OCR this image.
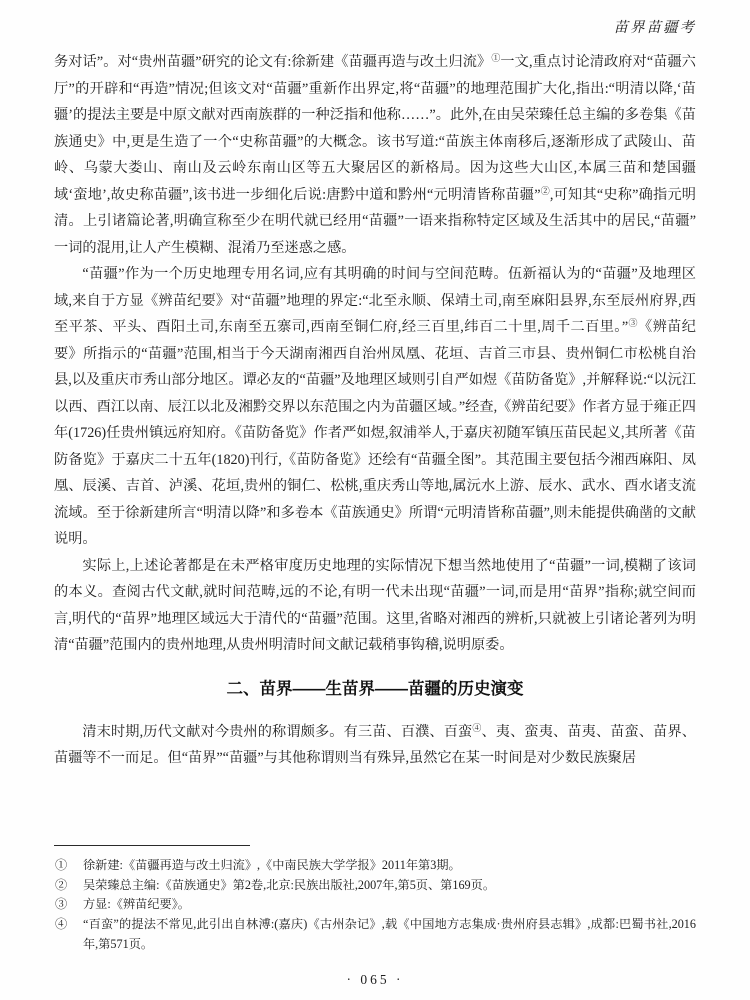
苗界苗疆考

务对话”。对“贵州苗疆”研究的论文有:徐新建《苗疆再造与改土归流》①一文,重点讨论清政府对“苗疆六厅”的开辟和“再造”情况;但该文对“苗疆”重新作出界定,将“苗疆”的地理范围扩大化,指出:“明清以降,‘苗疆’的提法主要是中原文献对西南族群的一种泛指和他称……”。此外,在由吴荣臻任总主编的多卷集《苗族通史》中,更是生造了一个“史称苗疆”的大概念。该书写道:“苗族主体南移后,逐渐形成了武陵山、苗岭、乌蒙大娄山、南山及云岭东南山区等五大聚居区的新格局。因为这些大山区,本属三苗和楚国疆域‘蛮地’,故史称苗疆”,该书进一步细化后说:唐黔中道和黔州“元明清皆称苗疆”②,可知其“史称”确指元明清。上引诸篇论著,明确宣称至少在明代就已经用“苗疆”一语来指称特定区域及生活其中的居民,“苗疆”一词的混用,让人产生模糊、混淆乃至迷惑之感。

“苗疆”作为一个历史地理专用名词,应有其明确的时间与空间范畴。伍新福认为的“苗疆”及地理区域,来自于方显《辨苗纪要》对“苗疆”地理的界定:“北至永顺、保靖土司,南至麻阳县界,东至辰州府界,西至平茶、平头、酉阳土司,东南至五寨司,西南至铜仁府,经三百里,纬百二十里,周千二百里。”③《辨苗纪要》所指示的“苗疆”范围,相当于今天湖南湘西自治州凤凰、花垣、吉首三市县、贵州铜仁市松桃自治县,以及重庆市秀山部分地区。谭必友的“苗疆”及地理区域则引自严如煜《苗防备览》,并解释说:“以沅江以西、酉江以南、辰江以北及湘黔交界以东范围之内为苗疆区域。”经查,《辨苗纪要》作者方显于雍正四年(1726)任贵州镇远府知府。《苗防备览》作者严如煜,叙浦举人,于嘉庆初随军镇压苗民起义,其所著《苗防备览》于嘉庆二十五年(1820)刊行,《苗防备览》还绘有“苗疆全图”。其范围主要包括今湘西麻阳、凤凰、辰溪、吉首、泸溪、花垣,贵州的铜仁、松桃,重庆秀山等地,属沅水上游、辰水、武水、酉水诸支流流域。至于徐新建所言“明清以降”和多卷本《苗族通史》所谓“元明清皆称苗疆”,则未能提供确凿的文献说明。

实际上,上述论著都是在未严格审度历史地理的实际情况下想当然地使用了“苗疆”一词,模糊了该词的本义。查阅古代文献,就时间范畴,远的不论,有明一代未出现“苗疆”一词,而是用“苗界”指称;就空间而言,明代的“苗界”地理区域远大于清代的“苗疆”范围。这里,省略对湘西的辨析,只就被上引诸论著列为明清“苗疆”范围内的贵州地理,从贵州明清时间文献记载稍事钩稽,说明原委。

二、苗界——生苗界——苗疆的历史演变

清末时期,历代文献对今贵州的称谓颇多。有三苗、百濮、百蛮④、夷、蛮夷、苗夷、苗蛮、苗界、苗疆等不一而足。但“苗界”“苗疆”与其他称谓则当有殊异,虽然它在某一时间是对少数民族聚居

① 徐新建:《苗疆再造与改土归流》,《中南民族大学学报》2011年第3期。
② 吴荣臻总主编:《苗族通史》第2卷,北京:民族出版社,2007年,第5页、第169页。
③ 方显:《辨苗纪要》。
④ “百蛮”的提法不常见,此引出自林溥:(嘉庆)《古州杂记》,载《中国地方志集成·贵州府县志辑》,成都:巴蜀书社,2016年,第571页。
· 065 ·
